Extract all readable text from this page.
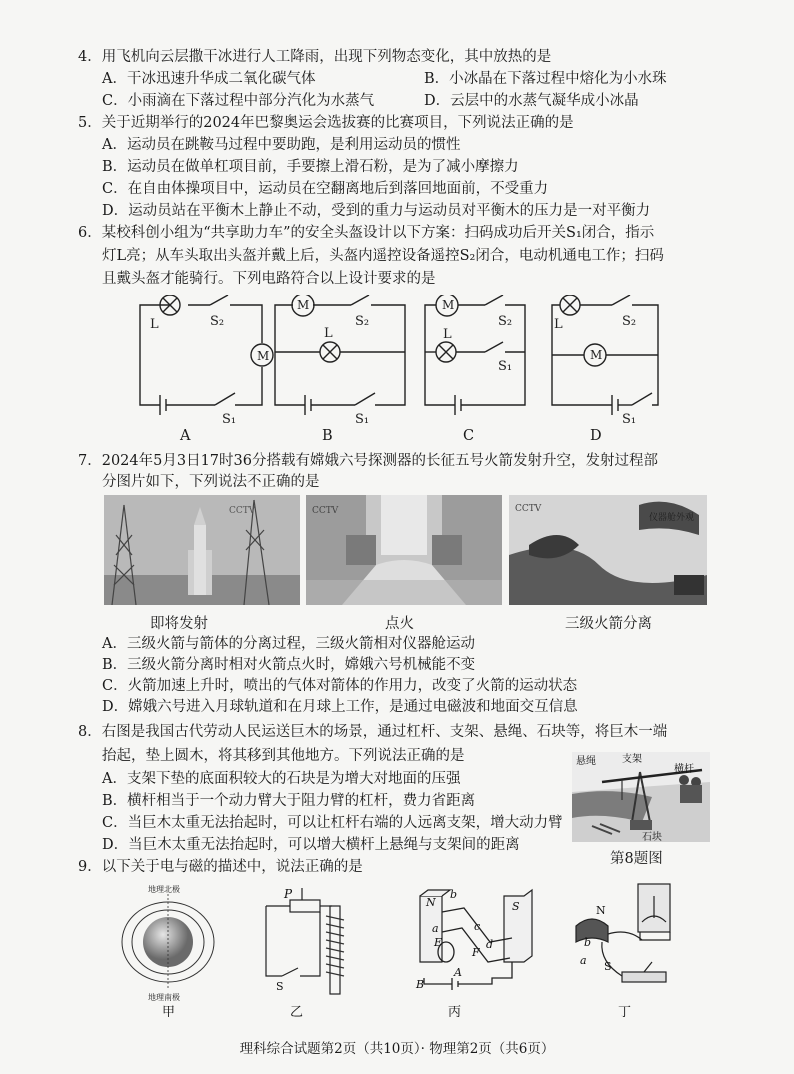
4．用飞机向云层撒干冰进行人工降雨，出现下列物态变化，其中放热的是
A．干冰迅速升华成二氧化碳气体	B．小冰晶在下落过程中熔化为小水珠
C．小雨滴在下落过程中部分汽化为水蒸气	D．云层中的水蒸气凝华成小冰晶
5．关于近期举行的2024年巴黎奥运会选拔赛的比赛项目，下列说法正确的是
A．运动员在跳鞍马过程中要助跑，是利用运动员的惯性
B．运动员在做单杠项目前，手要擦上滑石粉，是为了减小摩擦力
C．在自由体操项目中，运动员在空翻离地后到落回地面前，不受重力
D．运动员站在平衡木上静止不动，受到的重力与运动员对平衡木的压力是一对平衡力
6．某校科创小组为“共享助力车”的安全头盔设计以下方案：扫码成功后开关S₁闭合，指示
灯L亮；从车头取出头盔并戴上后，头盔内遥控设备遥控S₂闭合，电动机通电工作；扫码
且戴头盔才能骑行。下列电路符合以上设计要求的是
L	S₂
M
S₁
M
S₂
L
S₁
M
L
S₂
S₁
L	S₂
M
S₁
A	B	C	D
7．2024年5月3日17时36分搭载有嫦娥六号探测器的长征五号火箭发射升空，发射过程部
分图片如下，下列说法不正确的是
CCTV	CCTV	CCTV
仪器舱外观
即将发射	点火	三级火箭分离
A．三级火箭与箭体的分离过程，三级火箭相对仪器舱运动
B．三级火箭分离时相对火箭点火时，嫦娥六号机械能不变
C．火箭加速上升时，喷出的气体对箭体的作用力，改变了火箭的运动状态
D．嫦娥六号进入月球轨道和在月球上工作，是通过电磁波和地面交互信息
8．右图是我国古代劳动人民运送巨木的场景，通过杠杆、支架、悬绳、石块等，将巨木一端
抬起，垫上圆木，将其移到其他地方。下列说法正确的是
A．支架下垫的底面积较大的石块是为增大对地面的压强
B．横杆相当于一个动力臂大于阻力臂的杠杆，费力省距离
C．当巨木太重无法抬起时，可以让杠杆右端的人远离支架，增大动力臂
D．当巨木太重无法抬起时，可以增大横杆上悬绳与支架间的距离
悬绳	支架
横杆
石块
第8题图
9．以下关于电与磁的描述中，说法正确的是
地理北极
地理南极
甲
P
S
乙
N	S
a
b
c
d
E
F
A
B
丙
N
S
a
b
丁
理科综合试题第2页（共10页）· 物理第2页（共6页）
